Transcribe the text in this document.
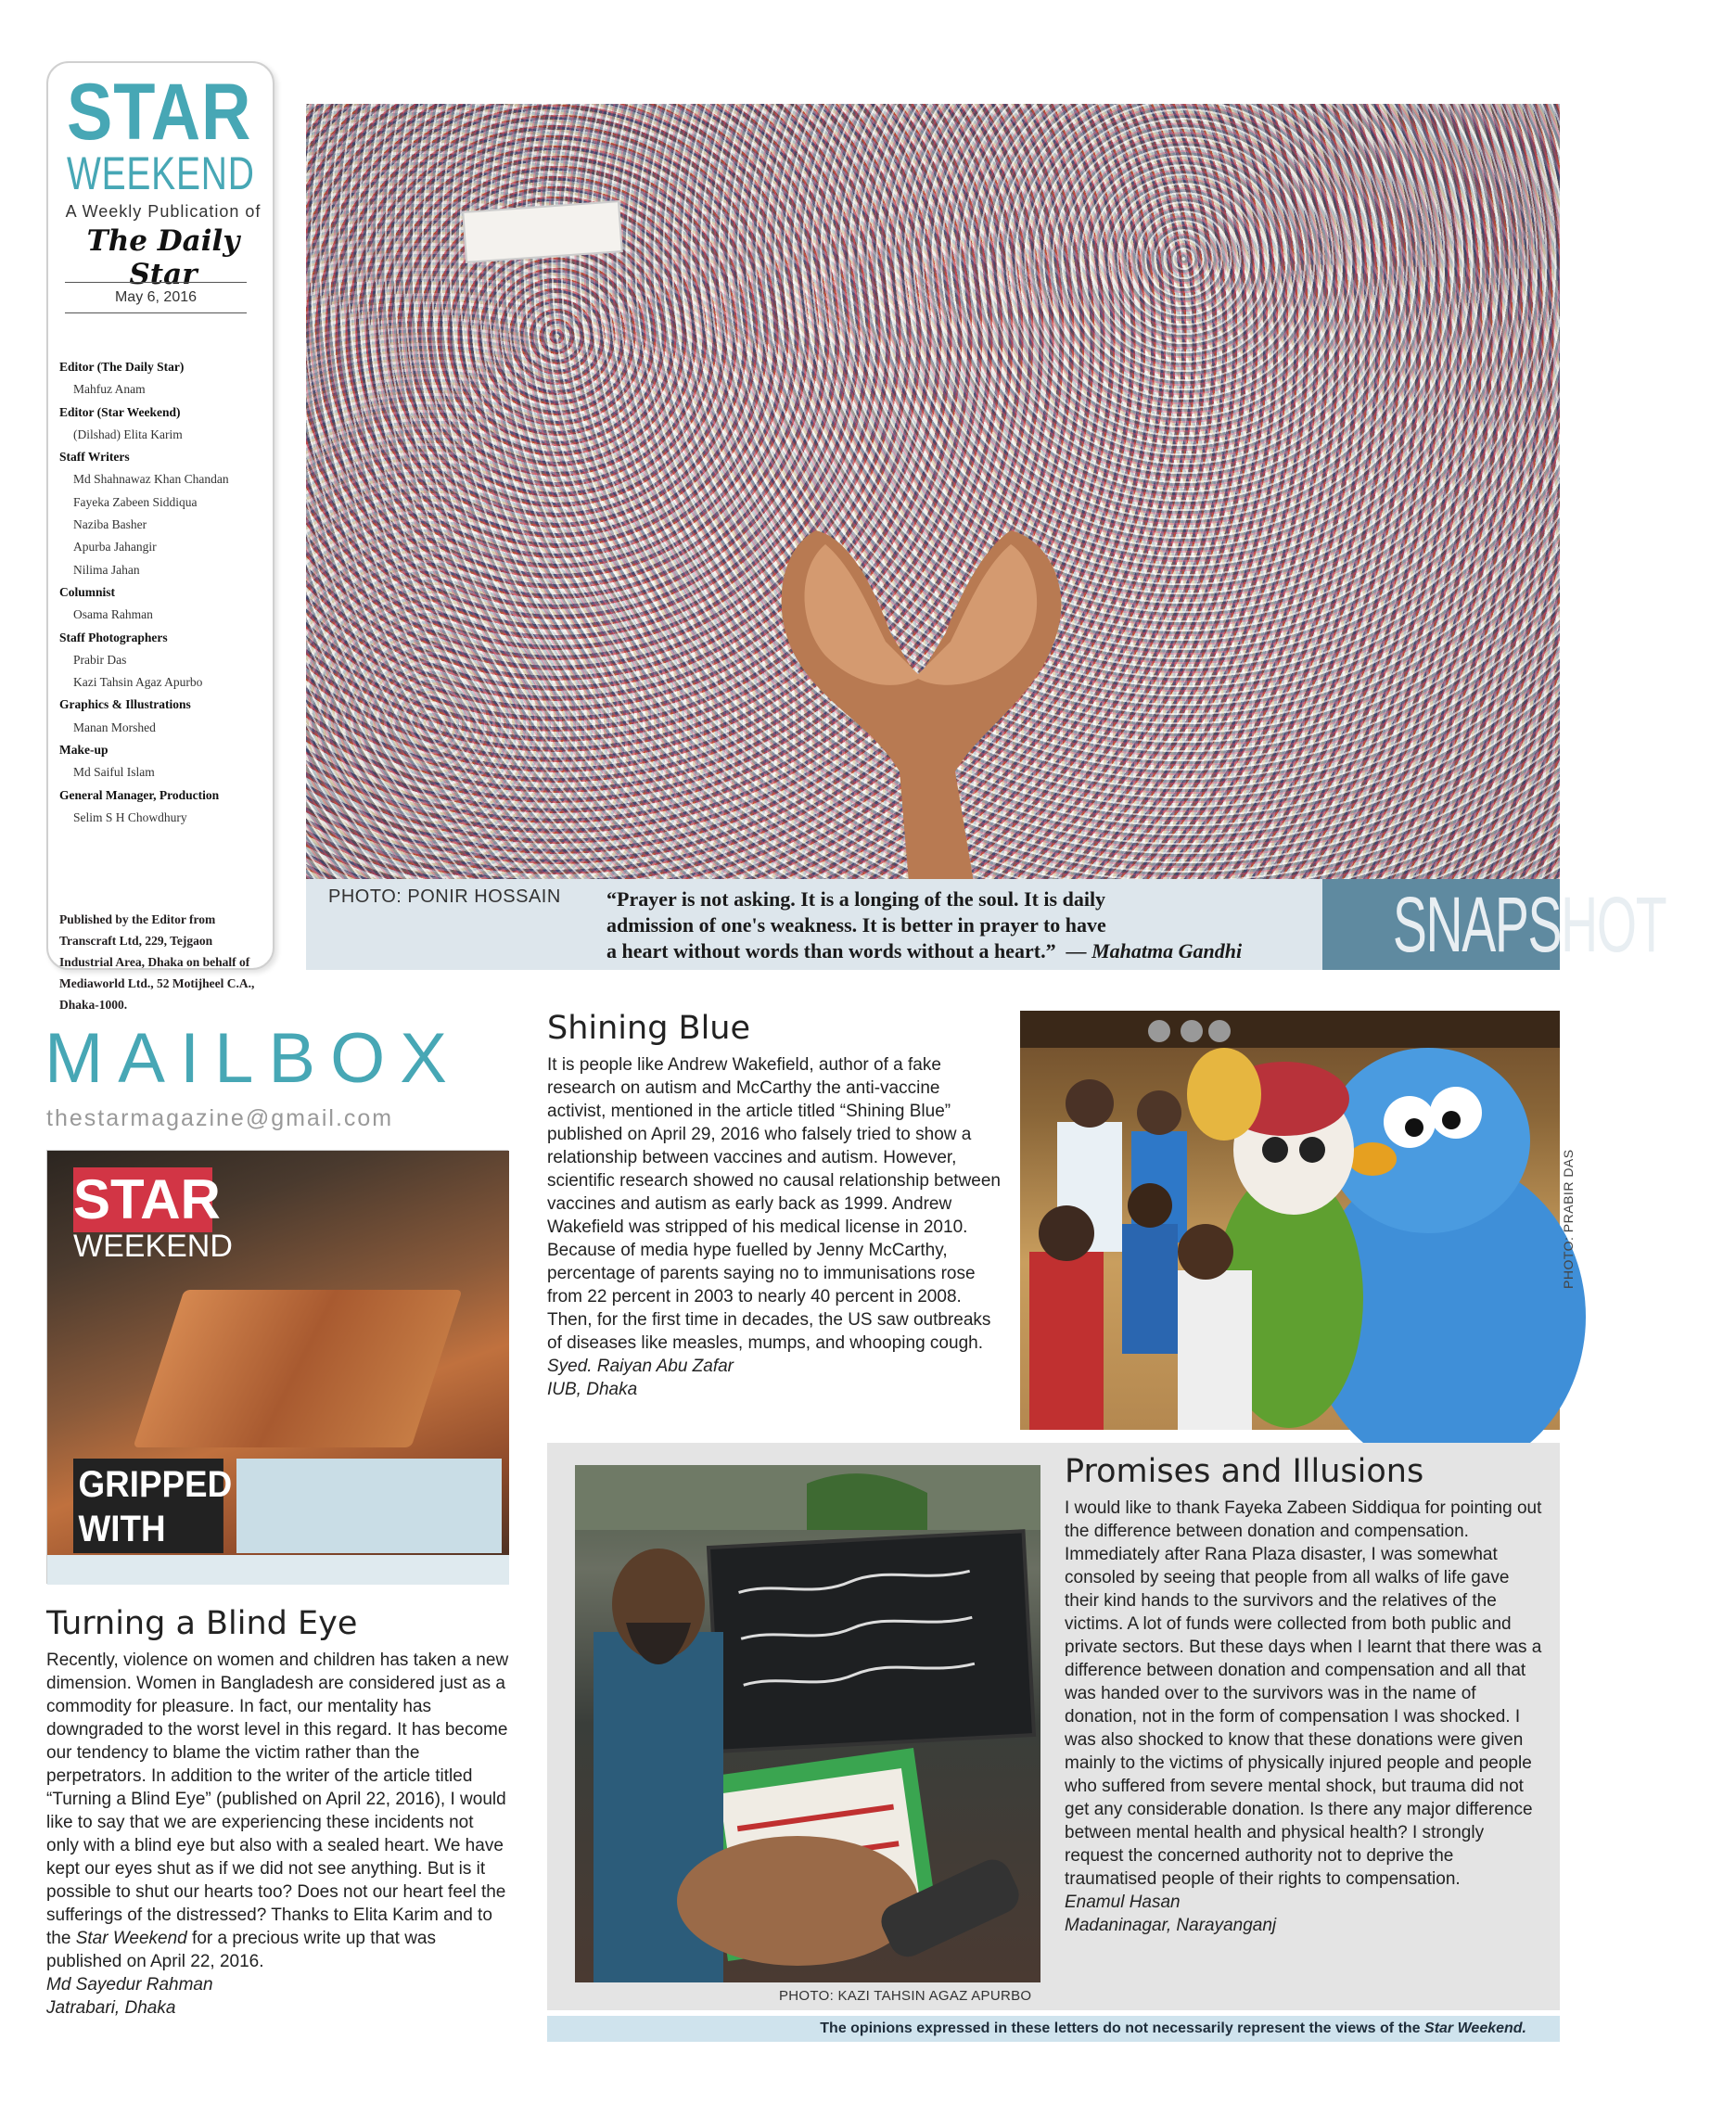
STAR
WEEKEND
A Weekly Publication of
The Daily Star
May 6, 2016
Editor (The Daily Star)
Mahfuz Anam
Editor (Star Weekend)
(Dilshad) Elita Karim
Staff Writers
Md Shahnawaz Khan Chandan
Fayeka Zabeen Siddiqua
Naziba Basher
Apurba Jahangir
Nilima Jahan
Columnist
Osama Rahman
Staff Photographers
Prabir Das
Kazi Tahsin Agaz Apurbo
Graphics & Illustrations
Manan Morshed
Make-up
Md Saiful Islam
General Manager, Production
Selim S H Chowdhury
Published by the Editor from Transcraft Ltd, 229, Tejgaon Industrial Area, Dhaka on behalf of Mediaworld Ltd., 52 Motijheel C.A., Dhaka-1000.
PHOTO: PONIR HOSSAIN “Prayer is not asking. It is a longing of the soul. It is daily
admission of one's weakness. It is better in prayer to have
a heart without words than words without a heart.” — Mahatma Gandhi	SNAPSHOT
MAILBOX
thestarmagazine@gmail.com
STAR
WEEKEND
GRIPPED
WITH
Turning a Blind Eye
Recently, violence on women and children has taken a new dimension. Women in Bangladesh are considered just as a commodity for pleasure. In fact, our mentality has downgraded to the worst level in this regard. It has become our tendency to blame the victim rather than the perpetrators. In addition to the writer of the article titled “Turning a Blind Eye” (published on April 22, 2016), I would like to say that we are experiencing these incidents not only with a blind eye but also with a sealed heart. We have kept our eyes shut as if we did not see anything. But is it possible to shut our hearts too? Does not our heart feel the sufferings of the distressed? Thanks to Elita Karim and to the Star Weekend for a precious write up that was published on April 22, 2016.
Md Sayedur Rahman
Jatrabari, Dhaka
Shining Blue
It is people like Andrew Wakefield, author of a fake research on autism and McCarthy the anti-vaccine activist, mentioned in the article titled “Shining Blue” published on April 29, 2016 who falsely tried to show a relationship between vaccines and autism. However, scientific research showed no causal relationship between vaccines and autism as early back as 1999. Andrew Wakefield was stripped of his medical license in 2010. Because of media hype fuelled by Jenny McCarthy, percentage of parents saying no to immunisations rose from 22 percent in 2003 to nearly 40 percent in 2008. Then, for the first time in decades, the US saw outbreaks of diseases like measles, mumps, and whooping cough.
Syed. Raiyan Abu Zafar
IUB, Dhaka
PHOTO: PRABIR DAS
Promises and Illusions
I would like to thank Fayeka Zabeen Siddiqua for pointing out the difference between donation and compensation. Immediately after Rana Plaza disaster, I was somewhat consoled by seeing that people from all walks of life gave their kind hands to the survivors and the relatives of the victims. A lot of funds were collected from both public and private sectors. But these days when I learnt that there was a difference between donation and compensation and all that was handed over to the survivors was in the name of donation, not in the form of compensation I was shocked. I was also shocked to know that these donations were given mainly to the victims of physically injured people and people who suffered from severe mental shock, but trauma did not get any considerable donation. Is there any major difference between mental health and physical health? I strongly request the concerned authority not to deprive the traumatised people of their rights to compensation.
Enamul Hasan
Madaninagar, Narayanganj
PHOTO: KAZI TAHSIN AGAZ APURBO
The opinions expressed in these letters do not necessarily represent the views of the Star Weekend.
